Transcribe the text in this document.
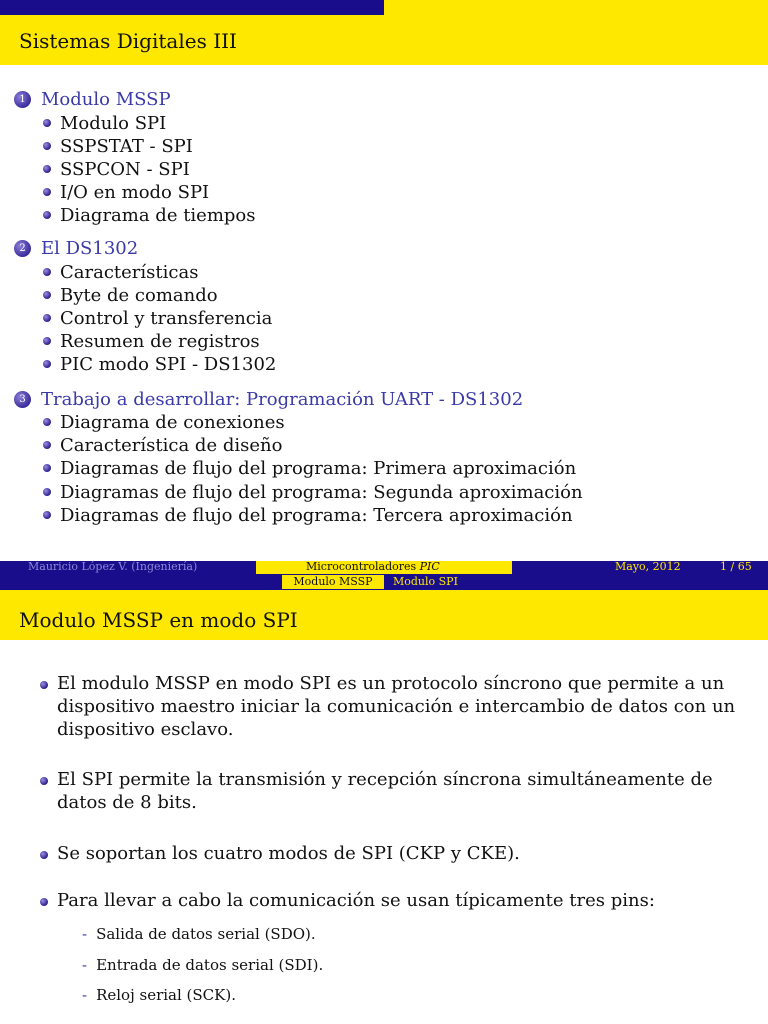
Sistemas Digitales III
1 Modulo MSSP
Modulo SPI
SSPSTAT - SPI
SSPCON - SPI
I/O en modo SPI
Diagrama de tiempos
2 El DS1302
Características
Byte de comando
Control y transferencia
Resumen de registros
PIC modo SPI - DS1302
3 Trabajo a desarrollar: Programación UART - DS1302
Diagrama de conexiones
Característica de diseño
Diagramas de flujo del programa: Primera aproximación
Diagramas de flujo del programa: Segunda aproximación
Diagramas de flujo del programa: Tercera aproximación
Mauricio López V. (Ingeniería)	Microcontroladores PIC	Mayo, 2012	1 / 65
Modulo MSSP	Modulo SPI
Modulo MSSP en modo SPI
El modulo MSSP en modo SPI es un protocolo síncrono que permite a un dispositivo maestro iniciar la comunicación e intercambio de datos con un dispositivo esclavo.
El SPI permite la transmisión y recepción síncrona simultáneamente de datos de 8 bits.
Se soportan los cuatro modos de SPI (CKP y CKE).
Para llevar a cabo la comunicación se usan típicamente tres pins:
- Salida de datos serial (SDO).
- Entrada de datos serial (SDI).
- Reloj serial (SCK).
